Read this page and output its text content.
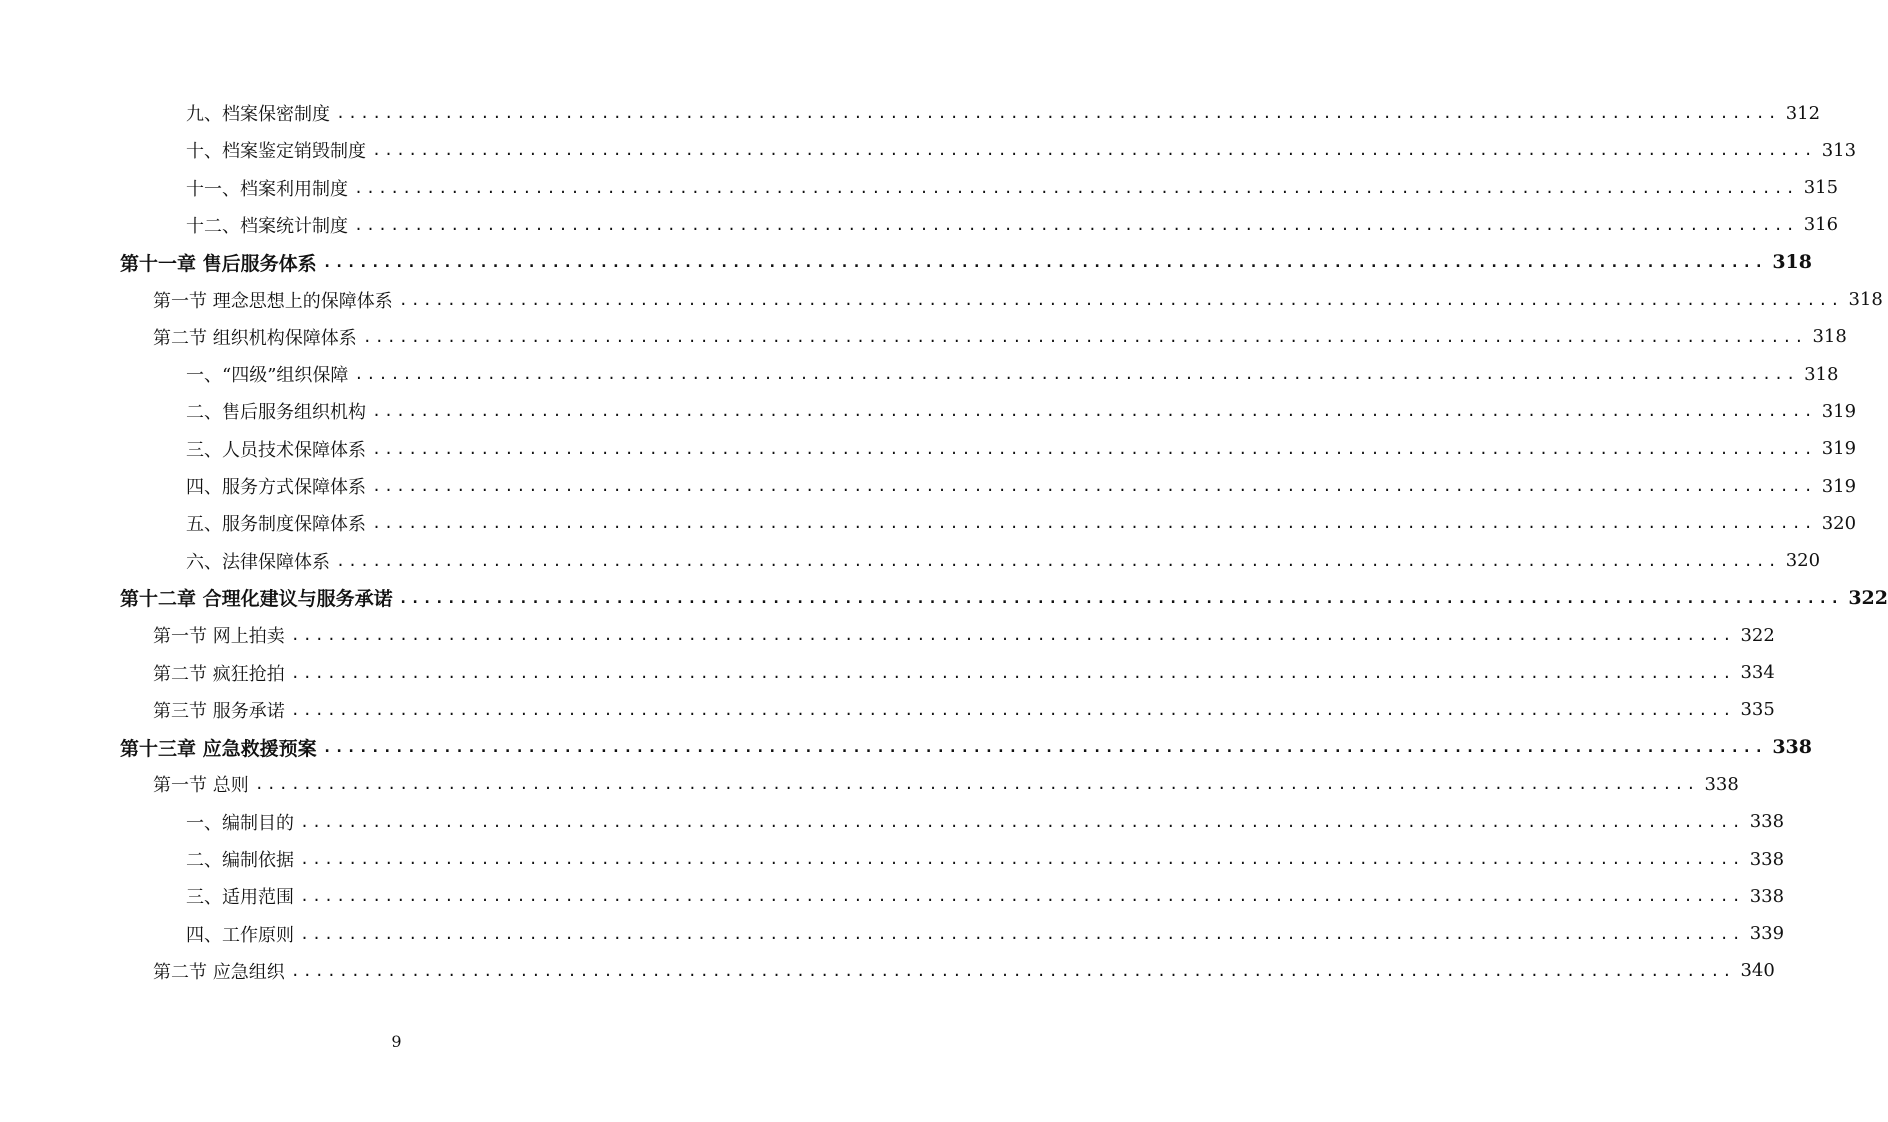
九、档案保密制度 ........................................................................................................................ 312
十、档案鉴定销毁制度 ........................................................................................................................ 313
十一、档案利用制度 ........................................................................................................................ 315
十二、档案统计制度 ........................................................................................................................ 316
第十一章 售后服务体系 ........................................................................................................................ 318
第一节 理念思想上的保障体系 ........................................................................................................................ 318
第二节 组织机构保障体系 ........................................................................................................................ 318
一、“四级”组织保障 ........................................................................................................................ 318
二、售后服务组织机构 ........................................................................................................................ 319
三、人员技术保障体系 ........................................................................................................................ 319
四、服务方式保障体系 ........................................................................................................................ 319
五、服务制度保障体系 ........................................................................................................................ 320
六、法律保障体系 ........................................................................................................................ 320
第十二章 合理化建议与服务承诺 ........................................................................................................................ 322
第一节 网上拍卖 ........................................................................................................................ 322
第二节 疯狂抢拍 ........................................................................................................................ 334
第三节 服务承诺 ........................................................................................................................ 335
第十三章 应急救援预案 ........................................................................................................................ 338
第一节 总则 ........................................................................................................................ 338
一、编制目的 ........................................................................................................................ 338
二、编制依据 ........................................................................................................................ 338
三、适用范围 ........................................................................................................................ 338
四、工作原则 ........................................................................................................................ 339
第二节 应急组织 ........................................................................................................................ 340
9
